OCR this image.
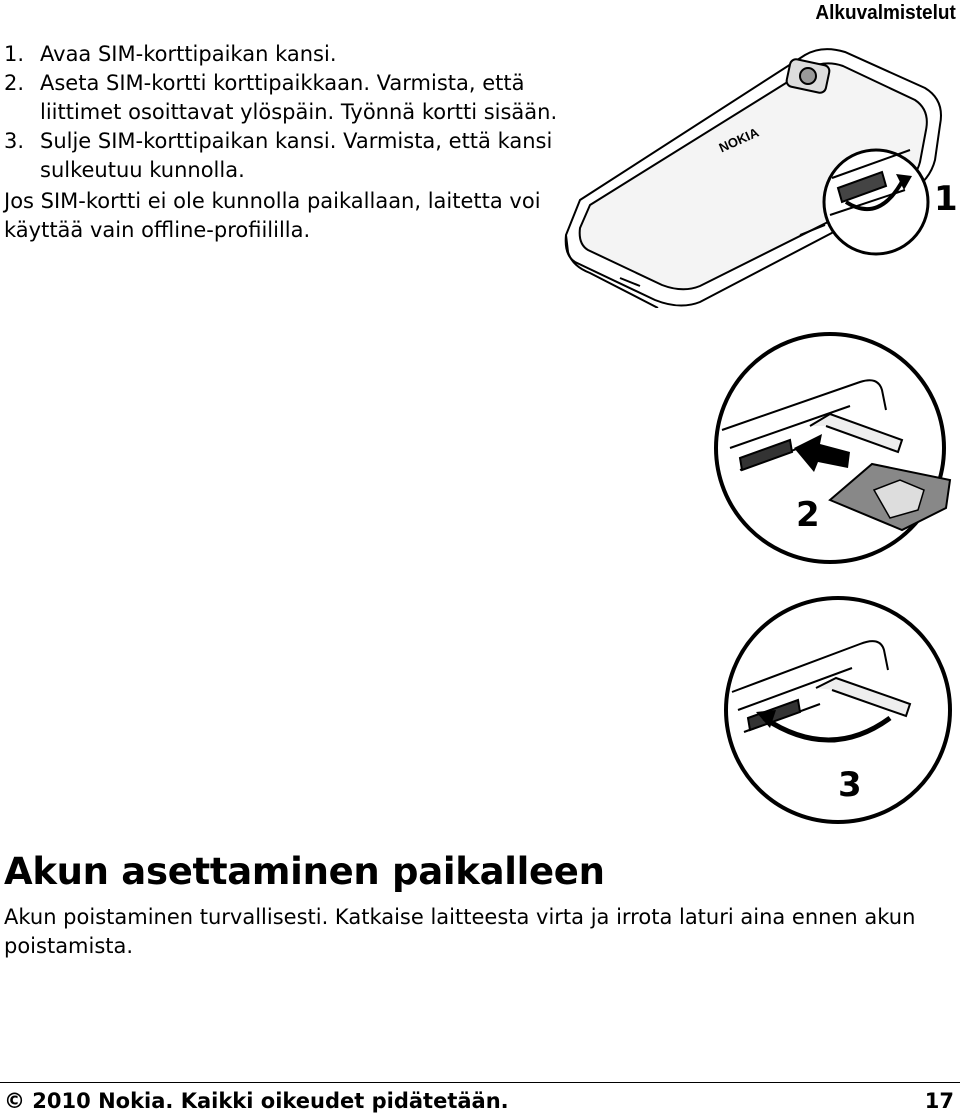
Alkuvalmistelut
1. Avaa SIM-korttipaikan kansi.
2. Aseta SIM-kortti korttipaikkaan. Varmista, että liittimet osoittavat ylöspäin. Työnnä kortti sisään.
3. Sulje SIM-korttipaikan kansi. Varmista, että kansi sulkeutuu kunnolla.
Jos SIM-kortti ei ole kunnolla paikallaan, laitetta voi käyttää vain offline-profiililla.
NOKIA
1
2
3
Akun asettaminen paikalleen
Akun poistaminen turvallisesti. Katkaise laitteesta virta ja irrota laturi aina ennen akun poistamista.
© 2010 Nokia. Kaikki oikeudet pidätetään.	17
